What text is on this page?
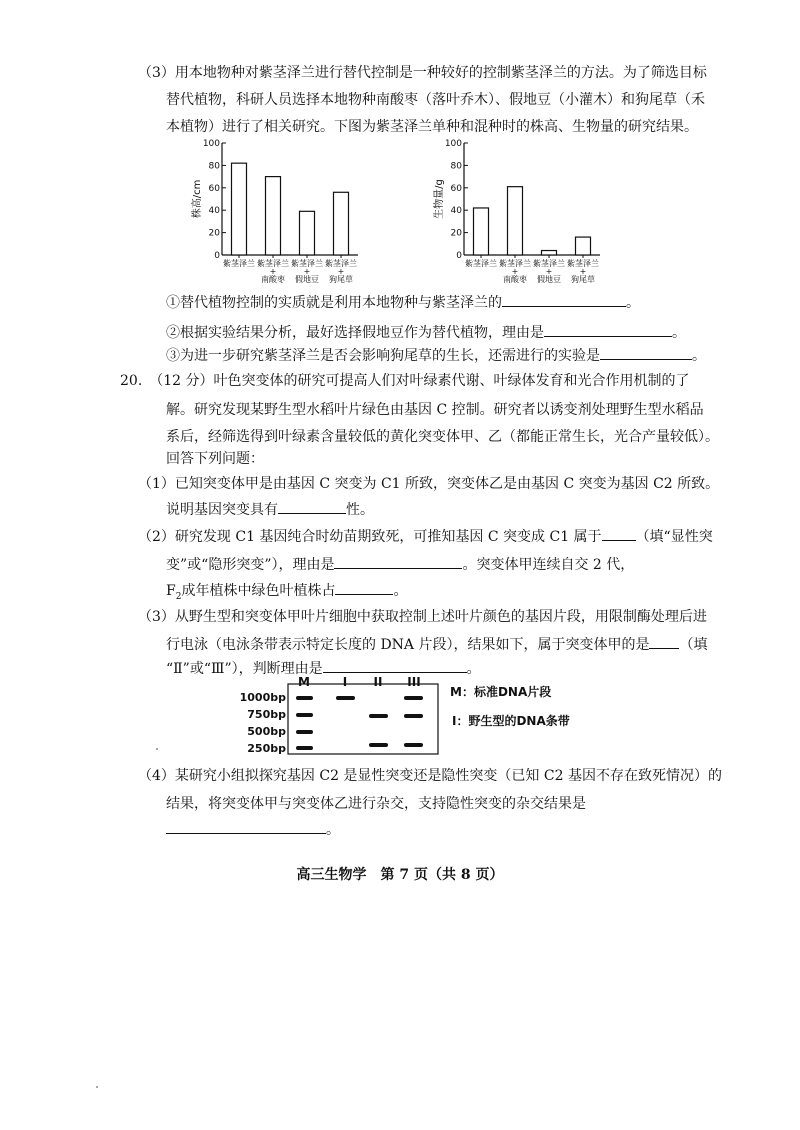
（3）用本地物种对紫茎泽兰进行替代控制是一种较好的控制紫茎泽兰的方法。为了筛选目标
替代植物，科研人员选择本地物种南酸枣（落叶乔木）、假地豆（小灌木）和狗尾草（禾
本植物）进行了相关研究。下图为紫茎泽兰单种和混种时的株高、生物量的研究结果。
株高/cm
0
20
40
60
80
100
紫茎泽兰 紫茎泽兰
+
南酸枣
紫茎泽兰
+
假地豆
紫茎泽兰
+
狗尾草
生物量/g
0
20
40
60
80
100
紫茎泽兰 紫茎泽兰
+
南酸枣
紫茎泽兰
+
假地豆
紫茎泽兰
+
狗尾草
①替代植物控制的实质就是利用本地物种与紫茎泽兰的	。
②根据实验结果分析，最好选择假地豆作为替代植物，理由是	。
③为进一步研究紫茎泽兰是否会影响狗尾草的生长，还需进行的实验是	。
20.　（12 分）叶色突变体的研究可提高人们对叶绿素代谢、叶绿体发育和光合作用机制的了
解。研究发现某野生型水稻叶片绿色由基因 C 控制。研究者以诱变剂处理野生型水稻品
系后，经筛选得到叶绿素含量较低的黄化突变体甲、乙（都能正常生长，光合产量较低）。
回答下列问题：
（1）已知突变体甲是由基因 C 突变为 C1 所致，突变体乙是由基因 C 突变为基因 C2 所致。
说明基因突变具有	性。
（2）研究发现 C1 基因纯合时幼苗期致死，可推知基因 C 突变成 C1 属于 （填“显性突
变”或“隐形突变”），理由是	。突变体甲连续自交 2 代，
$F_2$成年植株中绿色叶植株占	。
（3）从野生型和突变体甲叶片细胞中获取控制上述叶片颜色的基因片段，用限制酶处理后进
行电泳（电泳条带表示特定长度的 DNA 片段），结果如下，属于突变体甲的是 （填
“Ⅱ”或“Ⅲ”），判断理由是	。
M	I II III
1000bp
750bp
500bp
250bp
M：标准DNA片段
I：野生型的DNA条带
（4）某研究小组拟探究基因 C2 是显性突变还是隐性突变（已知 C2 基因不存在致死情况）的
结果，将突变体甲与突变体乙进行杂交，支持隐性突变的杂交结果是
。
高三生物学　第 7 页（共 8 页）
